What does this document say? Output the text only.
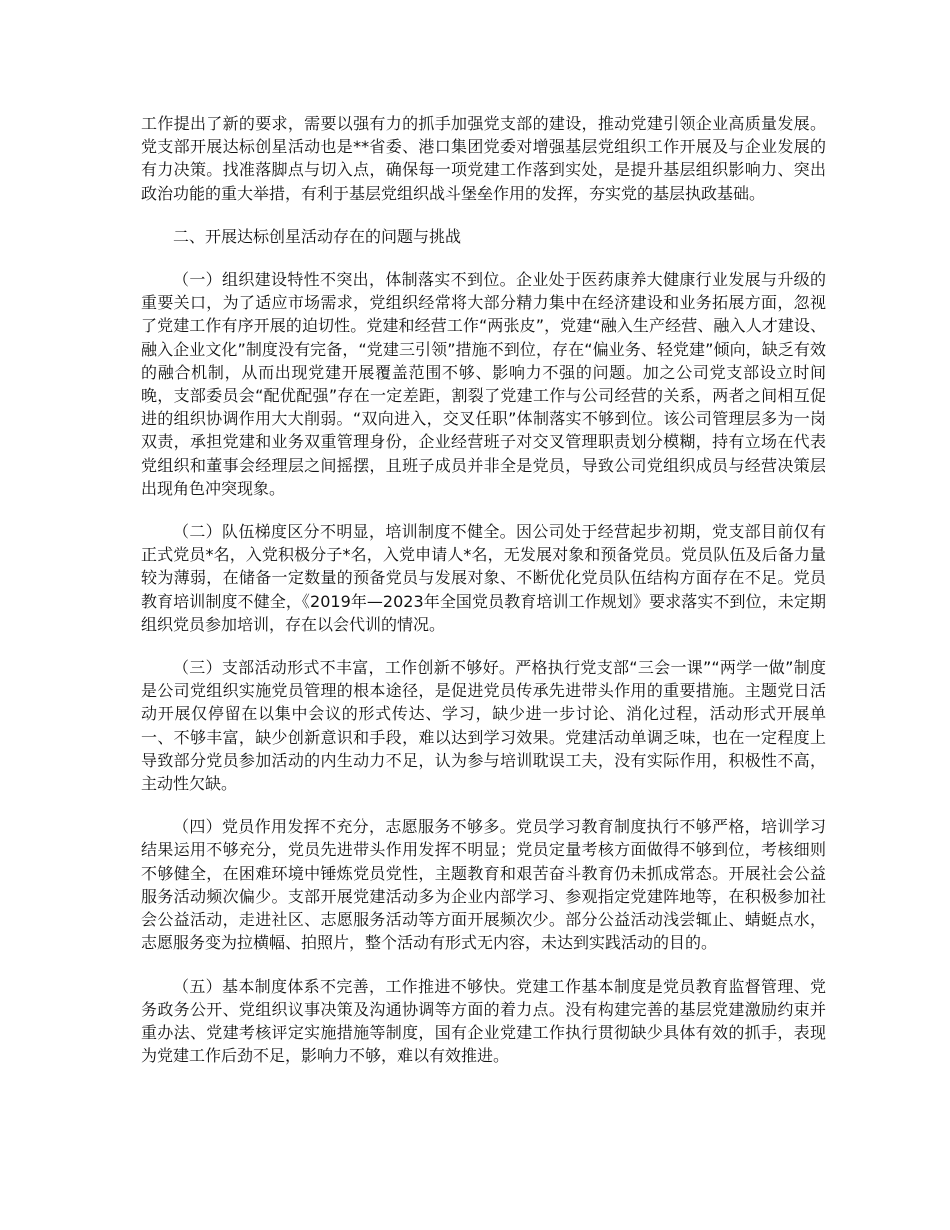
工作提出了新的要求，需要以强有力的抓手加强党支部的建设，推动党建引领企业高质量发展。党支部开展达标创星活动也是**省委、港口集团党委对增强基层党组织工作开展及与企业发展的有力决策。找准落脚点与切入点，确保每一项党建工作落到实处，是提升基层组织影响力、突出政治功能的重大举措，有利于基层党组织战斗堡垒作用的发挥，夯实党的基层执政基础。

二、开展达标创星活动存在的问题与挑战

（一）组织建设特性不突出，体制落实不到位。企业处于医药康养大健康行业发展与升级的重要关口，为了适应市场需求，党组织经常将大部分精力集中在经济建设和业务拓展方面，忽视了党建工作有序开展的迫切性。党建和经营工作“两张皮”，党建“融入生产经营、融入人才建设、融入企业文化”制度没有完备，“党建三引领”措施不到位，存在“偏业务、轻党建”倾向，缺乏有效的融合机制，从而出现党建开展覆盖范围不够、影响力不强的问题。加之公司党支部设立时间晚，支部委员会“配优配强”存在一定差距，割裂了党建工作与公司经营的关系，两者之间相互促进的组织协调作用大大削弱。“双向进入，交叉任职”体制落实不够到位。该公司管理层多为一岗双责，承担党建和业务双重管理身份，企业经营班子对交叉管理职责划分模糊，持有立场在代表党组织和董事会经理层之间摇摆，且班子成员并非全是党员，导致公司党组织成员与经营决策层出现角色冲突现象。

（二）队伍梯度区分不明显，培训制度不健全。因公司处于经营起步初期，党支部目前仅有正式党员*名，入党积极分子*名，入党申请人*名，无发展对象和预备党员。党员队伍及后备力量较为薄弱，在储备一定数量的预备党员与发展对象、不断优化党员队伍结构方面存在不足。党员教育培训制度不健全，《2019年—2023年全国党员教育培训工作规划》要求落实不到位，未定期组织党员参加培训，存在以会代训的情况。

（三）支部活动形式不丰富，工作创新不够好。严格执行党支部“三会一课”“两学一做”制度是公司党组织实施党员管理的根本途径，是促进党员传承先进带头作用的重要措施。主题党日活动开展仅停留在以集中会议的形式传达、学习，缺少进一步讨论、消化过程，活动形式开展单一、不够丰富，缺少创新意识和手段，难以达到学习效果。党建活动单调乏味，也在一定程度上导致部分党员参加活动的内生动力不足，认为参与培训耽误工夫，没有实际作用，积极性不高，主动性欠缺。

（四）党员作用发挥不充分，志愿服务不够多。党员学习教育制度执行不够严格，培训学习结果运用不够充分，党员先进带头作用发挥不明显；党员定量考核方面做得不够到位，考核细则不够健全，在困难环境中锤炼党员党性，主题教育和艰苦奋斗教育仍未抓成常态。开展社会公益服务活动频次偏少。支部开展党建活动多为企业内部学习、参观指定党建阵地等，在积极参加社会公益活动，走进社区、志愿服务活动等方面开展频次少。部分公益活动浅尝辄止、蜻蜓点水，志愿服务变为拉横幅、拍照片，整个活动有形式无内容，未达到实践活动的目的。

（五）基本制度体系不完善，工作推进不够快。党建工作基本制度是党员教育监督管理、党务政务公开、党组织议事决策及沟通协调等方面的着力点。没有构建完善的基层党建激励约束并重办法、党建考核评定实施措施等制度，国有企业党建工作执行贯彻缺少具体有效的抓手，表现为党建工作后劲不足，影响力不够，难以有效推进。
